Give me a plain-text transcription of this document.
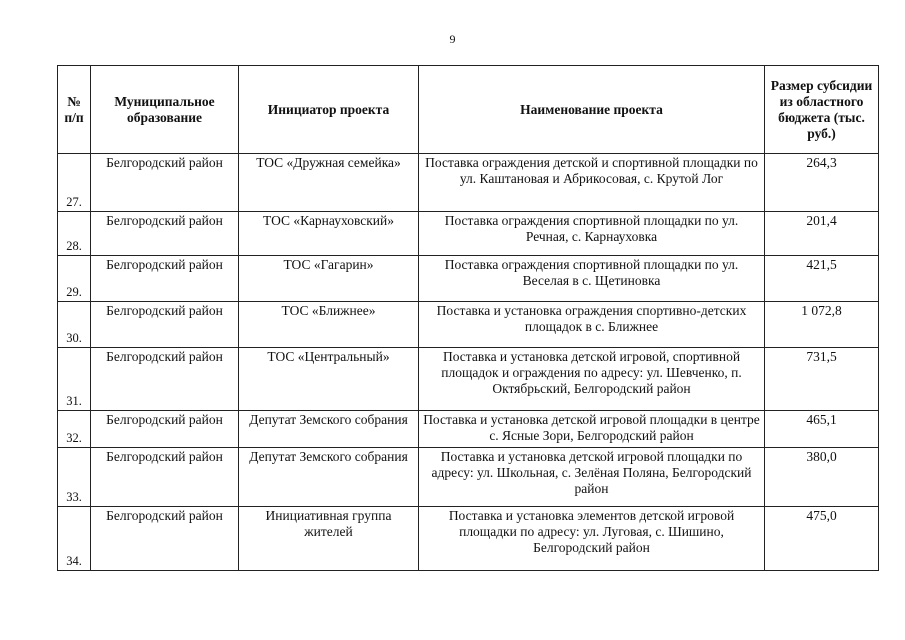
9
№ п/п	Муниципальное образование	Инициатор проекта	Наименование проекта	Размер субсидии из областного бюджета (тыс. руб.)
27.	Белгородский район	ТОС «Дружная семейка»	Поставка ограждения детской и спортивной площадки по ул. Каштановая и Абрикосовая, с. Крутой Лог	264,3
28.	Белгородский район	ТОС «Карнауховский»	Поставка ограждения спортивной площадки по ул. Речная, с. Карнауховка	201,4
29.	Белгородский район	ТОС «Гагарин»	Поставка ограждения спортивной площадки по ул. Веселая в с. Щетиновка	421,5
30.	Белгородский район	ТОС «Ближнее»	Поставка и установка ограждения спортивно-детских площадок в с. Ближнее	1 072,8
31.	Белгородский район	ТОС «Центральный»	Поставка и установка детской игровой, спортивной площадок и ограждения по адресу: ул. Шевченко, п. Октябрьский, Белгородский район	731,5
32.	Белгородский район	Депутат Земского собрания	Поставка и установка детской игровой площадки в центре с. Ясные Зори, Белгородский район	465,1
33.	Белгородский район	Депутат Земского собрания	Поставка и установка детской игровой площадки по адресу: ул. Школьная, с. Зелёная Поляна, Белгородский район	380,0
34.	Белгородский район	Инициативная группа жителей	Поставка и установка элементов детской игровой площадки по адресу: ул. Луговая, с. Шишино, Белгородский район	475,0
